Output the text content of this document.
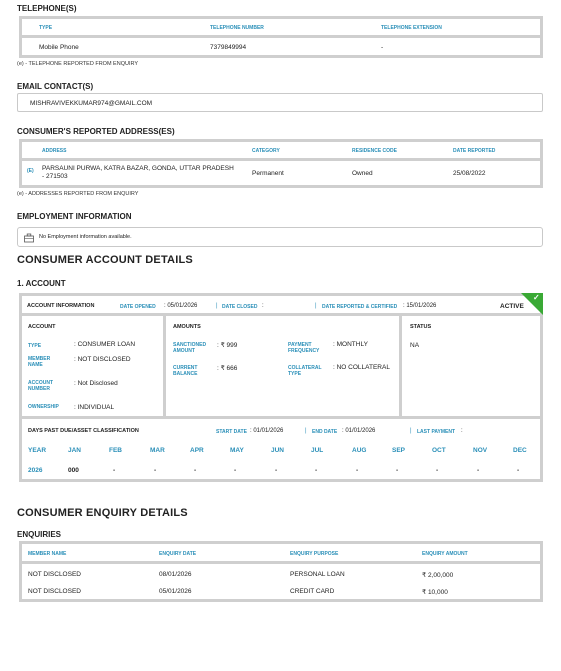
TELEPHONE(S)
TYPE	TELEPHONE NUMBER	TELEPHONE EXTENSION
Mobile Phone	7379849994	-
(e) - TELEPHONE REPORTED FROM ENQUIRY
EMAIL CONTACT(S)
MISHRAVIVEKKUMAR974@GMAIL.COM
CONSUMER'S REPORTED ADDRESS(ES)
ADDRESS	CATEGORY	RESIDENCE CODE	DATE REPORTED
(E) PARSAUNI PURWA, KATRA BAZAR, GONDA, UTTAR PRADESH
- 271503	Permanent	Owned	25/08/2022
(e) - ADDRESSES REPORTED FROM ENQUIRY
EMPLOYMENT INFORMATION
No Employment information available.
CONSUMER ACCOUNT DETAILS
1. ACCOUNT
ACCOUNT INFORMATION	DATE OPENED : 05/01/2026	| DATE CLOSED :	| DATE REPORTED & CERTIFIED : 15/01/2026	ACTIVE
✓
ACCOUNT
TYPE	: CONSUMER LOAN
MEMBER NAME
: NOT DISCLOSED
ACCOUNT NUMBER
: Not Disclosed
OWNERSHIP : INDIVIDUAL
AMOUNTS
SANCTIONED AMOUNT
: ₹ 999
CURRENT BALANCE
: ₹ 666
PAYMENT FREQUENCY
: MONTHLY
COLLATERAL TYPE
: NO COLLATERAL
STATUS
NA
DAYS PAST DUE/ASSET CLASSIFICATION	START DATE : 01/01/2026	| END DATE : 01/01/2026	| LAST PAYMENT :
YEAR	JAN	FEB	MAR	APR	MAY	JUN	JUL	AUG	SEP	OCT	NOV	DEC
2026	000	-	-	-	-	-	-	-	-	-	-	-
CONSUMER ENQUIRY DETAILS
ENQUIRIES
MEMBER NAME	ENQUIRY DATE	ENQUIRY PURPOSE	ENQUIRY AMOUNT
NOT DISCLOSED	08/01/2026	PERSONAL LOAN	₹ 2,00,000
NOT DISCLOSED	05/01/2026	CREDIT CARD	₹ 10,000
